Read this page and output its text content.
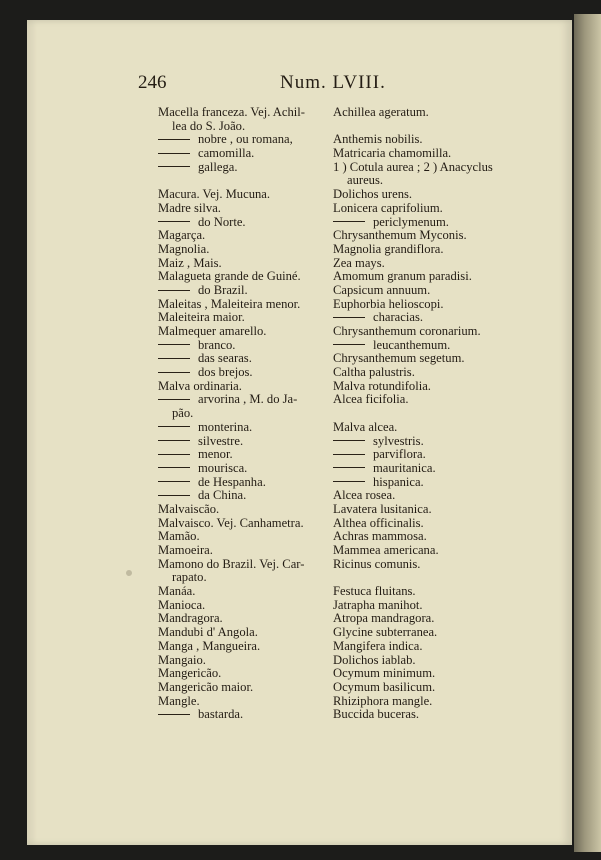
246	Num. LVIII.
Macella franceza. Vej. Achil-
lea do S. João.
nobre , ou romana,
camomilla.
gallega.
Macura. Vej. Mucuna.
Madre silva.
do Norte.
Magarça.
Magnolia.
Maiz , Mais.
Malagueta grande de Guiné.
do Brazil.
Maleitas , Maleiteira menor.
Maleiteira maior.
Malmequer amarello.
branco.
das searas.
dos brejos.
Malva ordinaria.
arvorina , M. do Ja-
pão.
monterina.
silvestre.
menor.
mourisca.
de Hespanha.
da China.
Malvaiscão.
Malvaisco. Vej. Canhametra.
Mamão.
Mamoeira.
Mamono do Brazil. Vej. Car-
rapato.
Manáa.
Manioca.
Mandragora.
Mandubi d' Angola.
Manga , Mangueira.
Mangaio.
Mangericão.
Mangericão maior.
Mangle.
bastarda.
Achillea ageratum.
Anthemis nobilis.
Matricaria chamomilla.
1 ) Cotula aurea ; 2 ) Anacyclus
aureus.
Dolichos urens.
Lonicera caprifolium.
periclymenum.
Chrysanthemum Myconis.
Magnolia grandiflora.
Zea mays.
Amomum granum paradisi.
Capsicum annuum.
Euphorbia helioscopi.
characias.
Chrysanthemum coronarium.
leucanthemum.
Chrysanthemum segetum.
Caltha palustris.
Malva rotundifolia.
Alcea ficifolia.
Malva alcea.
sylvestris.
parviflora.
mauritanica.
hispanica.
Alcea rosea.
Lavatera lusitanica.
Althea officinalis.
Achras mammosa.
Mammea americana.
Ricinus comunis.
Festuca fluitans.
Jatrapha manihot.
Atropa mandragora.
Glycine subterranea.
Mangifera indica.
Dolichos iablab.
Ocymum minimum.
Ocymum basilicum.
Rhiziphora mangle.
Buccida buceras.
